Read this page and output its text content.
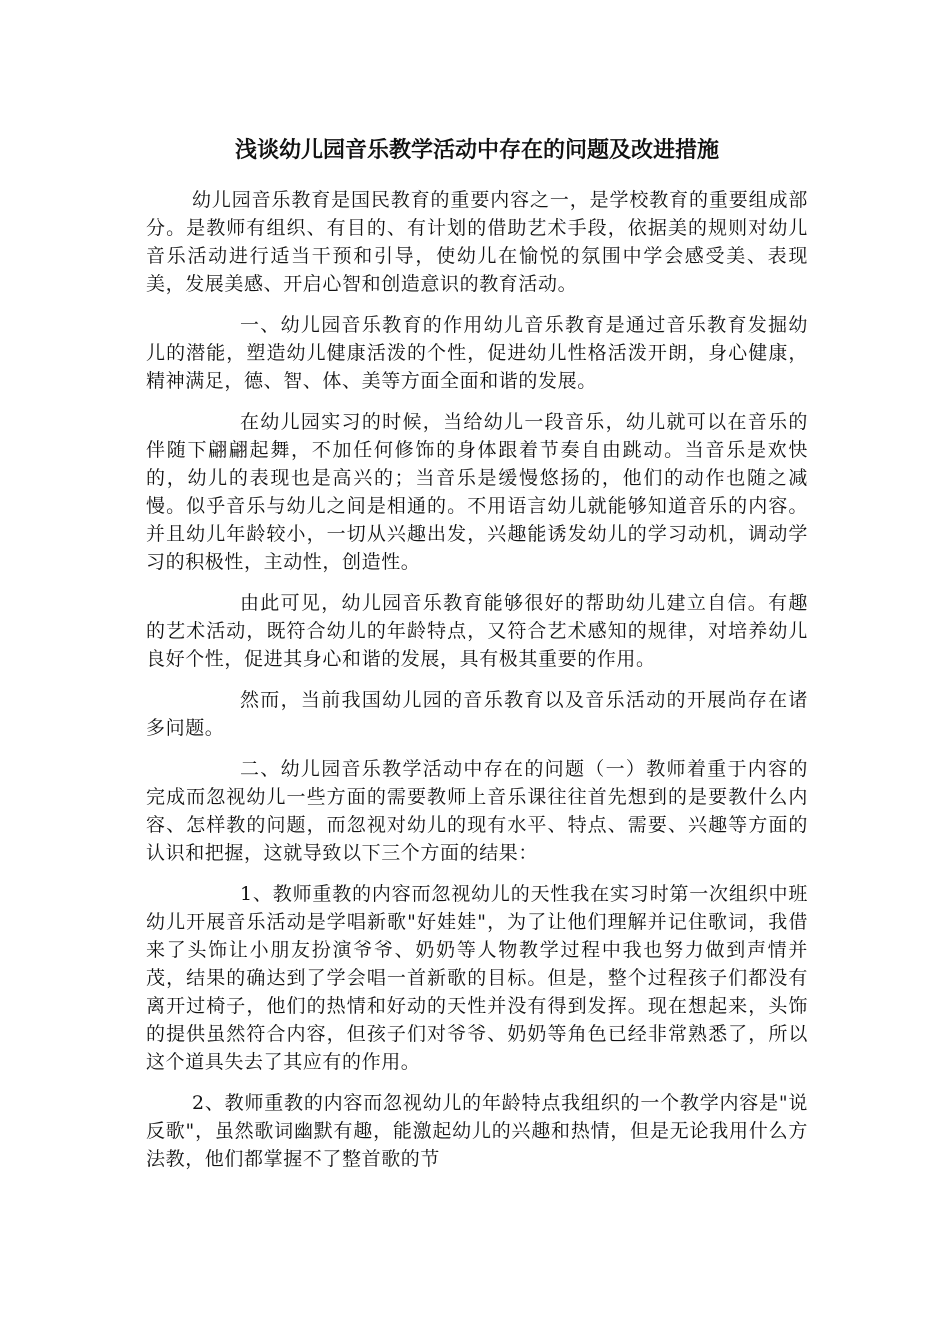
浅谈幼儿园音乐教学活动中存在的问题及改进措施

幼儿园音乐教育是国民教育的重要内容之一，是学校教育的重要组成部分。是教师有组织、有目的、有计划的借助艺术手段，依据美的规则对幼儿音乐活动进行适当干预和引导，使幼儿在愉悦的氛围中学会感受美、表现美，发展美感、开启心智和创造意识的教育活动。

一、幼儿园音乐教育的作用幼儿音乐教育是通过音乐教育发掘幼儿的潜能，塑造幼儿健康活泼的个性，促进幼儿性格活泼开朗，身心健康，精神满足，德、智、体、美等方面全面和谐的发展。

在幼儿园实习的时候，当给幼儿一段音乐，幼儿就可以在音乐的伴随下翩翩起舞，不加任何修饰的身体跟着节奏自由跳动。当音乐是欢快的，幼儿的表现也是高兴的；当音乐是缓慢悠扬的，他们的动作也随之减慢。似乎音乐与幼儿之间是相通的。不用语言幼儿就能够知道音乐的内容。并且幼儿年龄较小，一切从兴趣出发，兴趣能诱发幼儿的学习动机，调动学习的积极性，主动性，创造性。

由此可见，幼儿园音乐教育能够很好的帮助幼儿建立自信。有趣的艺术活动，既符合幼儿的年龄特点，又符合艺术感知的规律，对培养幼儿良好个性，促进其身心和谐的发展，具有极其重要的作用。

然而，当前我国幼儿园的音乐教育以及音乐活动的开展尚存在诸多问题。

二、幼儿园音乐教学活动中存在的问题（一）教师着重于内容的完成而忽视幼儿一些方面的需要教师上音乐课往往首先想到的是要教什么内容、怎样教的问题，而忽视对幼儿的现有水平、特点、需要、兴趣等方面的认识和把握，这就导致以下三个方面的结果：

1、教师重教的内容而忽视幼儿的天性我在实习时第一次组织中班幼儿开展音乐活动是学唱新歌"好娃娃"，为了让他们理解并记住歌词，我借来了头饰让小朋友扮演爷爷、奶奶等人物教学过程中我也努力做到声情并茂，结果的确达到了学会唱一首新歌的目标。但是，整个过程孩子们都没有离开过椅子，他们的热情和好动的天性并没有得到发挥。现在想起来，头饰的提供虽然符合内容，但孩子们对爷爷、奶奶等角色已经非常熟悉了，所以这个道具失去了其应有的作用。

2、教师重教的内容而忽视幼儿的年龄特点我组织的一个教学内容是"说反歌"，虽然歌词幽默有趣，能激起幼儿的兴趣和热情，但是无论我用什么方法教，他们都掌握不了整首歌的节
